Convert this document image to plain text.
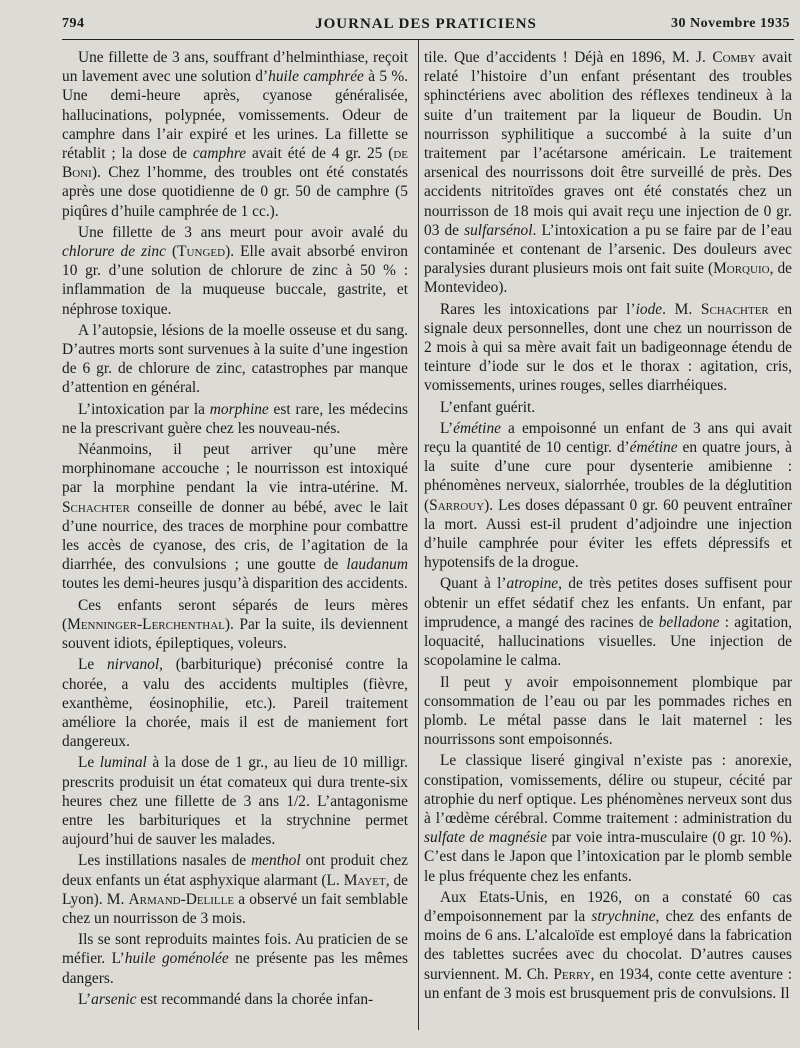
794	JOURNAL DES PRATICIENS	30 Novembre 1935

Une fillette de 3 ans, souffrant d’helminthiase, reçoit un lavement avec une solution d’huile camphrée à 5 %. Une demi-heure après, cyanose généralisée, hallucinations, polypnée, vomissements. Odeur de camphre dans l’air expiré et les urines. La fillette se rétablit ; la dose de camphre avait été de 4 gr. 25 (de Boni). Chez l’homme, des troubles ont été constatés après une dose quotidienne de 0 gr. 50 de camphre (5 piqûres d’huile camphrée de 1 cc.).

Une fillette de 3 ans meurt pour avoir avalé du chlorure de zinc (Tunged). Elle avait absorbé environ 10 gr. d’une solution de chlorure de zinc à 50 % : inflammation de la muqueuse buccale, gastrite, et néphrose toxique.

A l’autopsie, lésions de la moelle osseuse et du sang. D’autres morts sont survenues à la suite d’une ingestion de 6 gr. de chlorure de zinc, catastrophes par manque d’attention en général.

L’intoxication par la morphine est rare, les médecins ne la prescrivant guère chez les nouveau-nés.

Néanmoins, il peut arriver qu’une mère morphinomane accouche ; le nourrisson est intoxiqué par la morphine pendant la vie intra-utérine. M. Schachter conseille de donner au bébé, avec le lait d’une nourrice, des traces de morphine pour combattre les accès de cyanose, des cris, de l’agitation de la diarrhée, des convulsions ; une goutte de laudanum toutes les demi-heures jusqu’à disparition des accidents.

Ces enfants seront séparés de leurs mères (Menninger-Lerchenthal). Par la suite, ils deviennent souvent idiots, épileptiques, voleurs.

Le nirvanol, (barbiturique) préconisé contre la chorée, a valu des accidents multiples (fièvre, exanthème, éosinophilie, etc.). Pareil traitement améliore la chorée, mais il est de maniement fort dangereux.

Le luminal à la dose de 1 gr., au lieu de 10 milligr. prescrits produisit un état comateux qui dura trente-six heures chez une fillette de 3 ans 1/2. L’antagonisme entre les barbituriques et la strychnine permet aujourd’hui de sauver les malades.

Les instillations nasales de menthol ont produit chez deux enfants un état asphyxique alarmant (L. Mayet, de Lyon). M. Armand-Delille a observé un fait semblable chez un nourrisson de 3 mois.

Ils se sont reproduits maintes fois. Au praticien de se méfier. L’huile goménolée ne présente pas les mêmes dangers.

L’arsenic est recommandé dans la chorée infan-

tile. Que d’accidents ! Déjà en 1896, M. J. Comby avait relaté l’histoire d’un enfant présentant des troubles sphinctériens avec abolition des réflexes tendineux à la suite d’un traitement par la liqueur de Boudin. Un nourrisson syphilitique a succombé à la suite d’un traitement par l’acétarsone américain. Le traitement arsenical des nourrissons doit être surveillé de près. Des accidents nitritoïdes graves ont été constatés chez un nourrisson de 18 mois qui avait reçu une injection de 0 gr. 03 de sulfarsénol. L’intoxication a pu se faire par de l’eau contaminée et contenant de l’arsenic. Des douleurs avec paralysies durant plusieurs mois ont fait suite (Morquio, de Montevideo).

Rares les intoxications par l’iode. M. Schachter en signale deux personnelles, dont une chez un nourrisson de 2 mois à qui sa mère avait fait un badigeonnage étendu de teinture d’iode sur le dos et le thorax : agitation, cris, vomissements, urines rouges, selles diarrhéiques.

L’enfant guérit.

L’émétine a empoisonné un enfant de 3 ans qui avait reçu la quantité de 10 centigr. d’émétine en quatre jours, à la suite d’une cure pour dysenterie amibienne : phénomènes nerveux, sialorrhée, troubles de la déglutition (Sarrouy). Les doses dépassant 0 gr. 60 peuvent entraîner la mort. Aussi est-il prudent d’adjoindre une injection d’huile camphrée pour éviter les effets dépressifs et hypotensifs de la drogue.

Quant à l’atropine, de très petites doses suffisent pour obtenir un effet sédatif chez les enfants. Un enfant, par imprudence, a mangé des racines de belladone : agitation, loquacité, hallucinations visuelles. Une injection de scopolamine le calma.

Il peut y avoir empoisonnement plombique par consommation de l’eau ou par les pommades riches en plomb. Le métal passe dans le lait maternel : les nourrissons sont empoisonnés.

Le classique liseré gingival n’existe pas : anorexie, constipation, vomissements, délire ou stupeur, cécité par atrophie du nerf optique. Les phénomènes nerveux sont dus à l’œdème cérébral. Comme traitement : administration du sulfate de magnésie par voie intra-musculaire (0 gr. 10 %). C’est dans le Japon que l’intoxication par le plomb semble le plus fréquente chez les enfants.

Aux Etats-Unis, en 1926, on a constaté 60 cas d’empoisonnement par la strychnine, chez des enfants de moins de 6 ans. L’alcaloïde est employé dans la fabrication des tablettes sucrées avec du chocolat. D’autres causes surviennent. M. Ch. Perry, en 1934, conte cette aventure : un enfant de 3 mois est brusquement pris de convulsions. Il
